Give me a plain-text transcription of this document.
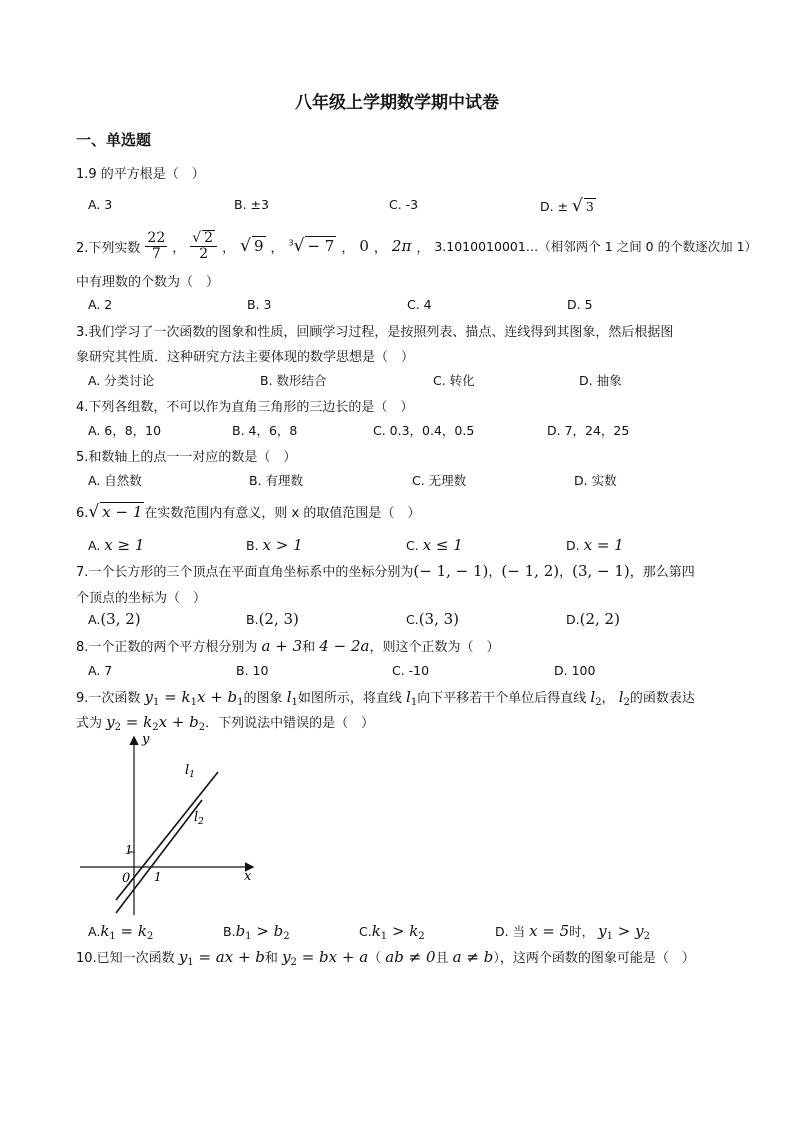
八年级上学期数学期中试卷
一、单选题
1.9 的平方根是（　）
A. 3	B. ±3	C. -3	D. ± √ 3
2.下列实数 $\frac{22}{7}$ ， $\frac{√ 2}{2}$ ， √ 9 ， $^3$√ − 7 ， 0 ， 2π ， 3.1010010001…（相邻两个 1 之间 0 的个数逐次加 1）
中有理数的个数为（　）
A. 2	B. 3	C. 4	D. 5
3.我们学习了一次函数的图象和性质，回顾学习过程，是按照列表、描点、连线得到其图象，然后根据图
象研究其性质．这种研究方法主要体现的数学思想是（　）
A. 分类讨论	B. 数形结合	C. 转化	D. 抽象
4.下列各组数，不可以作为直角三角形的三边长的是（　）
A. 6，8，10	B. 4，6，8	C. 0.3，0.4，0.5	D. 7，24，25
5.和数轴上的点一一对应的数是（　）
A. 自然数	B. 有理数	C. 无理数	D. 实数
6.√ x − 1 在实数范围内有意义，则 x 的取值范围是（　）
A. x ≥ 1	B. x > 1	C. x ≤ 1	D. x = 1
7.一个长方形的三个顶点在平面直角坐标系中的坐标分别为(− 1, − 1)，(− 1, 2)，(3, − 1)，那么第四
个顶点的坐标为（　）
A.(3, 2)	B.(2, 3)	C.(3, 3)	D.(2, 2)
8.一个正数的两个平方根分别为 a + 3和 4 − 2a，则这个正数为（　）
A. 7	B. 10	C. -10	D. 100
9.一次函数 $y_1 = k_1x + b_1$的图象 $l_1$如图所示，将直线 $l_1$向下平移若干个单位后得直线 $l_2$， $l_2$的函数表达
式为 $y_2 = k_2x + b_2$．下列说法中错误的是（　）
y
x
0 1
1
$l_1$
$l_2$
$A.k_1 = k_2$	$B.b_1 > b_2$	$C.k_1 > k_2$	D. 当 x = 5时， $y_1 > y_2$
10.已知一次函数 $y_1$ = ax + b和 $y_2$ = bx + a（ ab ≠ 0且 a ≠ b），这两个函数的图象可能是（　）
